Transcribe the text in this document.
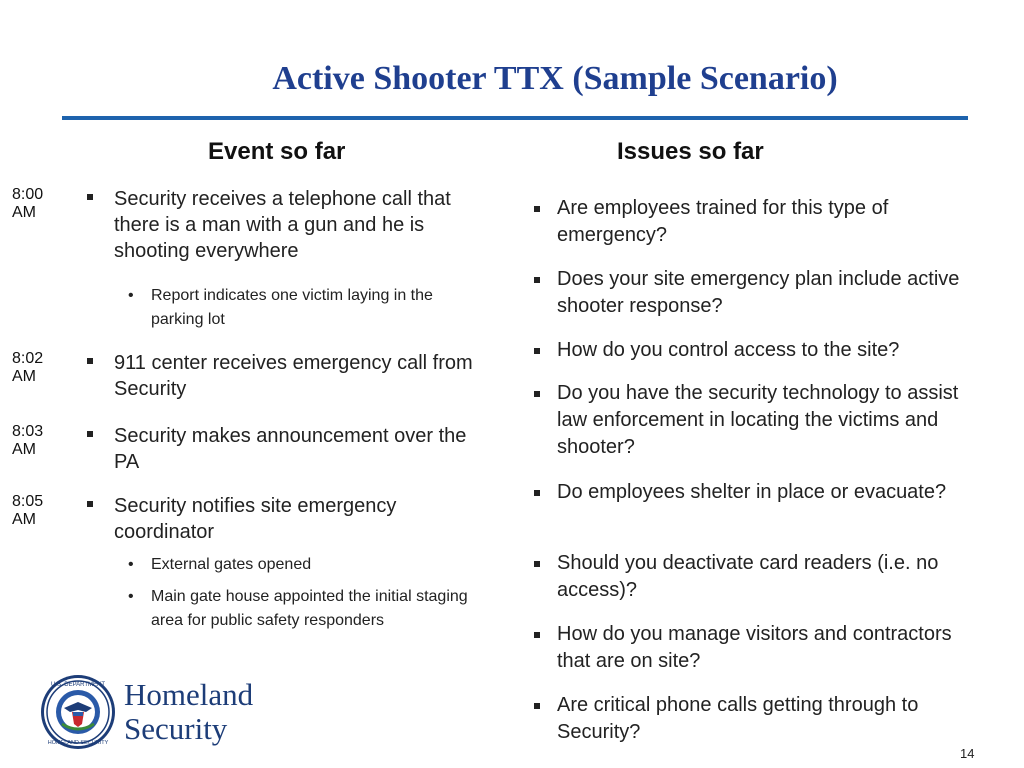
Active Shooter TTX (Sample Scenario)
Event so far	Issues so far
8:00 AM
Security receives a telephone call that there is a man with a gun and he is shooting everywhere
•	Report indicates one victim laying in the parking lot
8:02 AM
911 center receives emergency call from Security
8:03 AM
Security makes announcement over the PA
8:05 AM
Security notifies site emergency coordinator
•	External gates opened
•	Main gate house appointed the initial staging area for public safety responders
Are employees trained for this type of emergency?
Does your site emergency plan include active shooter response?
How do you control access to the site?
Do you have the security technology to assist law enforcement in locating the victims and shooter?
Do employees shelter in place or evacuate?
Should you deactivate card readers (i.e. no access)?
How do you manage visitors and contractors that are on site?
Are critical phone calls getting through to Security?
U.S. DEPARTMENT
HOMELAND SECURITY
Homeland
Security
14
